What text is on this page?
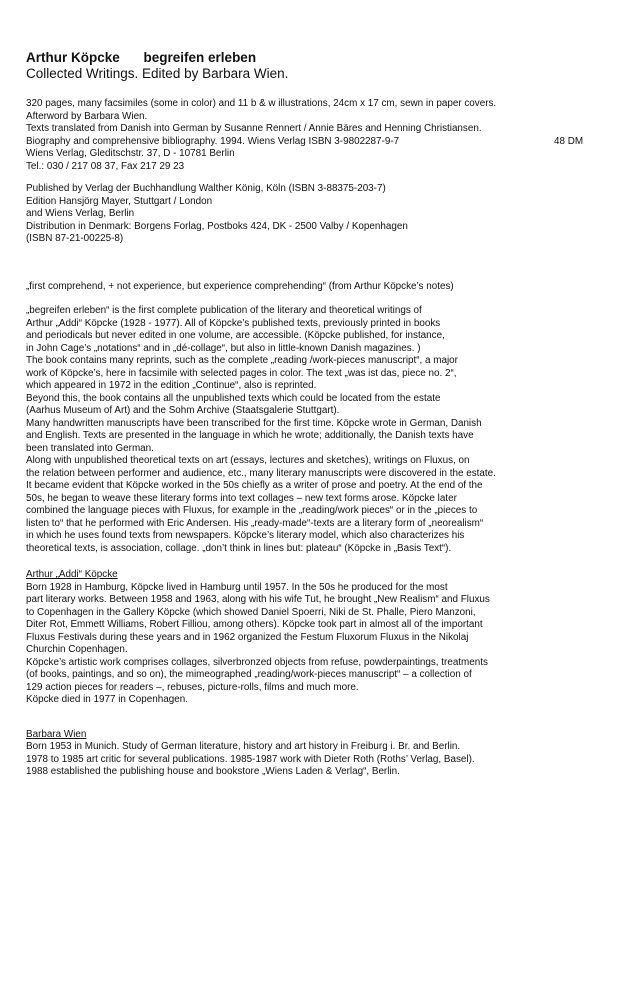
Arthur Köpcke begreifen erleben
Collected Writings. Edited by Barbara Wien.
320 pages, many facsimiles (some in color) and 11 b & w illustrations, 24cm x 17 cm, sewn in paper covers.
Afterword by Barbara Wien.
Texts translated from Danish into German by Susanne Rennert / Annie Bäres and Henning Christiansen.
Biography and comprehensive bibliography. 1994. Wiens Verlag ISBN 3-9802287-9-7	48 DM
Wiens Verlag, Gleditschstr. 37, D - 10781 Berlin
Tel.: 030 / 217 08 37, Fax 217 29 23
Published by Verlag der Buchhandlung Walther König, Köln (ISBN 3-88375-203-7)
Edition Hansjörg Mayer, Stuttgart / London
and Wiens Verlag, Berlin
Distribution in Denmark: Borgens Forlag, Postboks 424, DK - 2500 Valby / Kopenhagen
(ISBN 87-21-00225-8)
„first comprehend, + not experience, but experience comprehending“ (from Arthur Köpcke’s notes)
„begreifen erleben“ is the first complete publication of the literary and theoretical writings of
Arthur „Addi“ Köpcke (1928 - 1977). All of Köpcke’s published texts, previously printed in books
and periodicals but never edited in one volume, are accessible. (Köpcke published, for instance,
in John Cage’s „notations“ and in „dé-collage“, but also in little-known Danish magazines. )
The book contains many reprints, such as the complete „reading /work-pieces manuscript“, a major
work of Köpcke’s, here in facsimile with selected pages in color. The text „was ist das, piece no. 2“,
which appeared in 1972 in the edition „Continue“, also is reprinted.
Beyond this, the book contains all the unpublished texts which could be located from the estate
(Aarhus Museum of Art) and the Sohm Archive (Staatsgalerie Stuttgart).
Many handwritten manuscripts have been transcribed for the first time. Köpcke wrote in German, Danish
and English. Texts are presented in the language in which he wrote; additionally, the Danish texts have
been translated into German.
Along with unpublished theoretical texts on art (essays, lectures and sketches), writings on Fluxus, on
the relation between performer and audience, etc., many literary manuscripts were discovered in the estate.
It became evident that Köpcke worked in the 50s chiefly as a writer of prose and poetry. At the end of the
50s, he began to weave these literary forms into text collages – new text forms arose. Köpcke later
combined the language pieces with Fluxus, for example in the „reading/work pieces“ or in the „pieces to
listen to“ that he performed with Eric Andersen. His „ready-made“-texts are a literary form of „neorealism“
in which he uses found texts from newspapers. Köpcke’s literary model, which also characterizes his
theoretical texts, is association, collage. „don’t think in lines but: plateau“ (Köpcke in „Basis Text“).
Arthur „Addi“ Köpcke
Born 1928 in Hamburg, Köpcke lived in Hamburg until 1957. In the 50s he produced for the most
part literary works. Between 1958 and 1963, along with his wife Tut, he brought „New Realism“ and Fluxus
to Copenhagen in the Gallery Köpcke (which showed Daniel Spoerri, Niki de St. Phalle, Piero Manzoni,
Diter Rot, Emmett Williams, Robert Filliou, among others). Köpcke took part in almost all of the important
Fluxus Festivals during these years and in 1962 organized the Festum Fluxorum Fluxus in the Nikolaj
Churchin Copenhagen.
Köpcke’s artistic work comprises collages, silverbronzed objects from refuse, powderpaintings, treatments
(of books, paintings, and so on), the mimeographed „reading/work-pieces manuscript“ – a collection of
129 action pieces for readers –, rebuses, picture-rolls, films and much more.
Köpcke died in 1977 in Copenhagen.
Barbara Wien
Born 1953 in Munich. Study of German literature, history and art history in Freiburg i. Br. and Berlin.
1978 to 1985 art critic for several publications. 1985-1987 work with Dieter Roth (Roths’ Verlag, Basel).
1988 established the publishing house and bookstore „Wiens Laden & Verlag“, Berlin.
